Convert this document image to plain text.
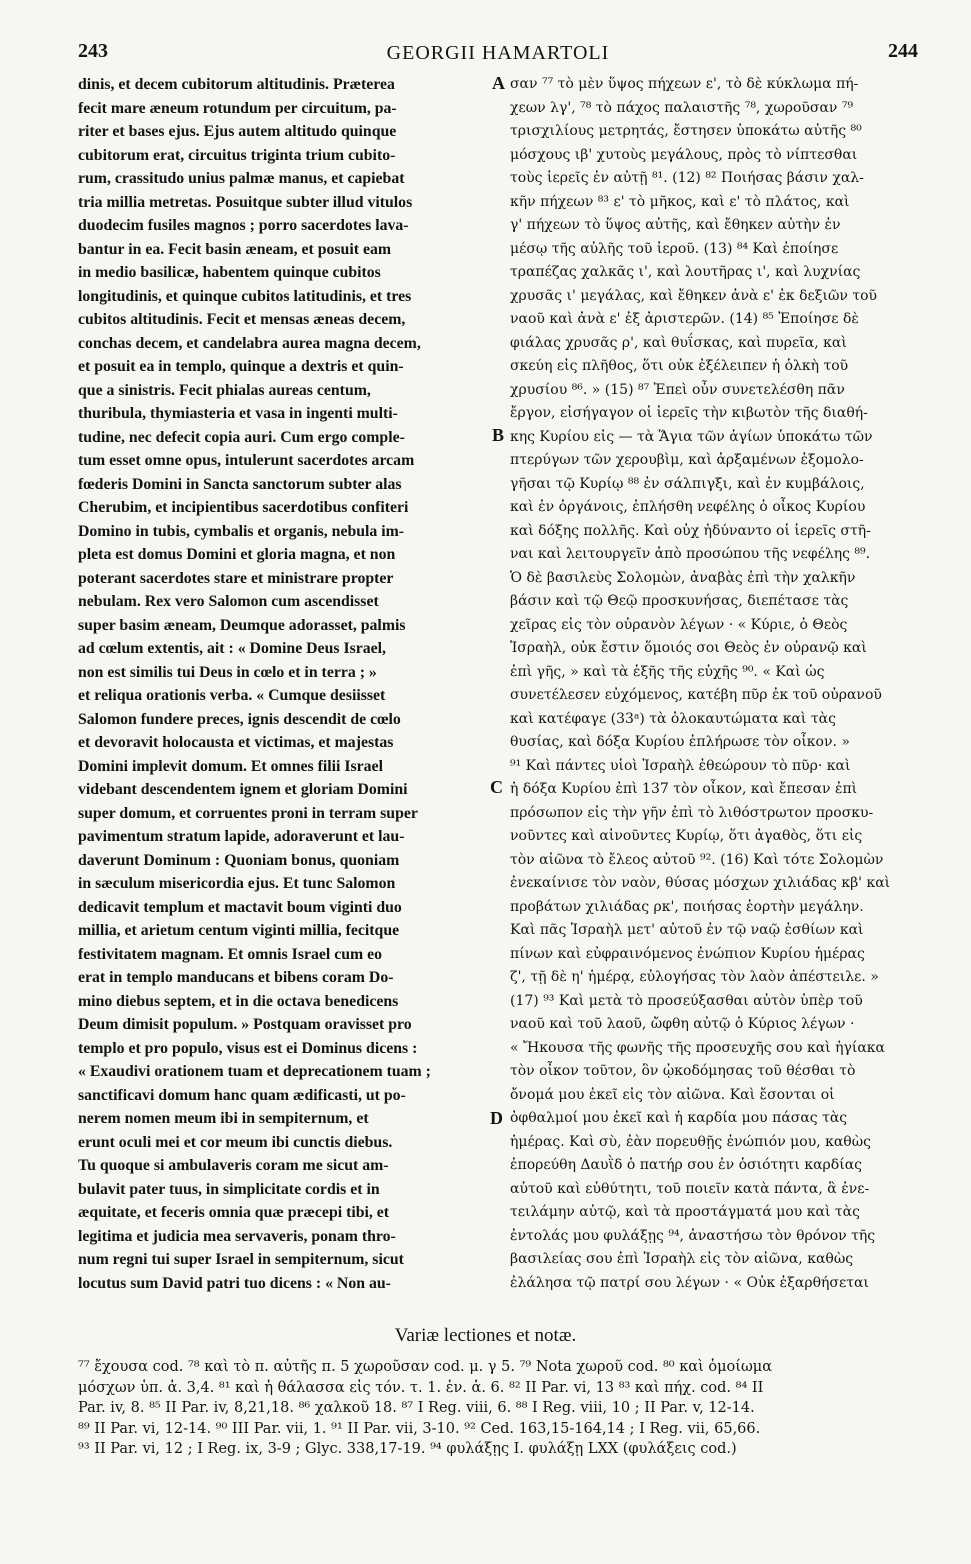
243	GEORGII HAMARTOLI	244
dinis, et decem cubitorum altitudinis. Præterea
fecit mare æneum rotundum per circuitum, pa-
riter et bases ejus. Ejus autem altitudo quinque
cubitorum erat, circuitus triginta trium cubito-
rum, crassitudo unius palmæ manus, et capiebat
tria millia metretas. Posuitque subter illud vitulos
duodecim fusiles magnos ; porro sacerdotes lava-
bantur in ea. Fecit basin æneam, et posuit eam
in medio basilicæ, habentem quinque cubitos
longitudinis, et quinque cubitos latitudinis, et tres
cubitos altitudinis. Fecit et mensas æneas decem,
conchas decem, et candelabra aurea magna decem,
et posuit ea in templo, quinque a dextris et quin-
que a sinistris. Fecit phialas aureas centum,
thuribula, thymiasteria et vasa in ingenti multi-
tudine, nec defecit copia auri. Cum ergo comple-
tum esset omne opus, intulerunt sacerdotes arcam
fœderis Domini in Sancta sanctorum subter alas
Cherubim, et incipientibus sacerdotibus confiteri
Domino in tubis, cymbalis et organis, nebula im-
pleta est domus Domini et gloria magna, et non
poterant sacerdotes stare et ministrare propter
nebulam. Rex vero Salomon cum ascendisset
super basim æneam, Deumque adorasset, palmis
ad cœlum extentis, ait : « Domine Deus Israel,
non est similis tui Deus in cœlo et in terra ; »
et reliqua orationis verba. « Cumque desiisset
Salomon fundere preces, ignis descendit de cœlo
et devoravit holocausta et victimas, et majestas
Domini implevit domum. Et omnes filii Israel
videbant descendentem ignem et gloriam Domini
super domum, et corruentes proni in terram super
pavimentum stratum lapide, adoraverunt et lau-
daverunt Dominum : Quoniam bonus, quoniam
in sæculum misericordia ejus. Et tunc Salomon
dedicavit templum et mactavit boum viginti duo
millia, et arietum centum viginti millia, fecitque
festivitatem magnam. Et omnis Israel cum eo
erat in templo manducans et bibens coram Do-
mino diebus septem, et in die octava benedicens
Deum dimisit populum. » Postquam oravisset pro
templo et pro populo, visus est ei Dominus dicens :
« Exaudivi orationem tuam et deprecationem tuam ;
sanctificavi domum hanc quam ædificasti, ut po-
nerem nomen meum ibi in sempiternum, et
erunt oculi mei et cor meum ibi cunctis diebus.
Tu quoque si ambulaveris coram me sicut am-
bulavit pater tuus, in simplicitate cordis et in
æquitate, et feceris omnia quæ præcepi tibi, et
legitima et judicia mea servaveris, ponam thro-
num regni tui super Israel in sempiternum, sicut
locutus sum David patri tuo dicens : « Non au-
σαν ⁷⁷ τὸ μὲν ὕψος πήχεων ε', τὸ δὲ κύκλωμα πή-
χεων λγ', ⁷⁸ τὸ πάχος παλαιστῆς ⁷⁸, χωροῦσαν ⁷⁹
τρισχιλίους μετρητάς, ἔστησεν ὑποκάτω αὐτῆς ⁸⁰
μόσχους ιβ' χυτοὺς μεγάλους, πρὸς τὸ νίπτεσθαι
τοὺς ἱερεῖς ἐν αὐτῇ ⁸¹. (12) ⁸² Ποιήσας βάσιν χαλ-
κῆν πήχεων ⁸³ ε' τὸ μῆκος, καὶ ε' τὸ πλάτος, καὶ
γ' πήχεων τὸ ὕψος αὐτῆς, καὶ ἔθηκεν αὐτὴν ἐν
μέσῳ τῆς αὐλῆς τοῦ ἱεροῦ. (13) ⁸⁴ Καὶ ἐποίησε
τραπέζας χαλκᾶς ι', καὶ λουτῆρας ι', καὶ λυχνίας
χρυσᾶς ι' μεγάλας, καὶ ἔθηκεν ἀνὰ ε' ἐκ δεξιῶν τοῦ
ναοῦ καὶ ἀνὰ ε' ἐξ ἀριστερῶν. (14) ⁸⁵ Ἐποίησε δὲ
φιάλας χρυσᾶς ρ', καὶ θυΐσκας, καὶ πυρεῖα, καὶ
σκεύη εἰς πλῆθος, ὅτι οὐκ ἐξέλειπεν ἡ ὁλκὴ τοῦ
χρυσίου ⁸⁶. » (15) ⁸⁷ Ἐπεὶ οὖν συνετελέσθη πᾶν
ἔργον, εἰσήγαγον οἱ ἱερεῖς τὴν κιβωτὸν τῆς διαθή-
κης Κυρίου εἰς — τὰ Ἅγια τῶν ἁγίων ὑποκάτω τῶν
πτερύγων τῶν χερουβὶμ, καὶ ἀρξαμένων ἐξομολο-
γῆσαι τῷ Κυρίῳ ⁸⁸ ἐν σάλπιγξι, καὶ ἐν κυμβάλοις,
καὶ ἐν ὀργάνοις, ἐπλήσθη νεφέλης ὁ οἶκος Κυρίου
καὶ δόξης πολλῆς. Καὶ οὐχ ἠδύναντο οἱ ἱερεῖς στῆ-
ναι καὶ λειτουργεῖν ἀπὸ προσώπου τῆς νεφέλης ⁸⁹.
Ὁ δὲ βασιλεὺς Σολομὼν, ἀναβὰς ἐπὶ τὴν χαλκῆν
βάσιν καὶ τῷ Θεῷ προσκυνήσας, διεπέτασε τὰς
χεῖρας εἰς τὸν οὐρανὸν λέγων · « Κύριε, ὁ Θεὸς
Ἰσραὴλ, οὐκ ἔστιν ὅμοιός σοι Θεὸς ἐν οὐρανῷ καὶ
ἐπὶ γῆς, » καὶ τὰ ἑξῆς τῆς εὐχῆς ⁹⁰. « Καὶ ὡς
συνετέλεσεν εὐχόμενος, κατέβη πῦρ ἐκ τοῦ οὐρανοῦ
καὶ κατέφαγε (33ᵃ) τὰ ὁλοκαυτώματα καὶ τὰς
θυσίας, καὶ δόξα Κυρίου ἐπλήρωσε τὸν οἶκον. »
⁹¹ Καὶ πάντες υἱοὶ Ἰσραὴλ ἐθεώρουν τὸ πῦρ· καὶ
ἡ δόξα Κυρίου ἐπὶ 137 τὸν οἶκον, καὶ ἔπεσαν ἐπὶ
πρόσωπον εἰς τὴν γῆν ἐπὶ τὸ λιθόστρωτον προσκυ-
νοῦντες καὶ αἰνοῦντες Κυρίῳ, ὅτι ἀγαθὸς, ὅτι εἰς
τὸν αἰῶνα τὸ ἔλεος αὐτοῦ ⁹². (16) Καὶ τότε Σολομὼν
ἐνεκαίνισε τὸν ναὸν, θύσας μόσχων χιλιάδας κβ' καὶ
προβάτων χιλιάδας ρκ', ποιήσας ἑορτὴν μεγάλην.
Καὶ πᾶς Ἰσραὴλ μετ' αὐτοῦ ἐν τῷ ναῷ ἐσθίων καὶ
πίνων καὶ εὐφραινόμενος ἐνώπιον Κυρίου ἡμέρας
ζ', τῇ δὲ η' ἡμέρᾳ, εὐλογήσας τὸν λαὸν ἀπέστειλε. »
(17) ⁹³ Καὶ μετὰ τὸ προσεύξασθαι αὐτὸν ὑπὲρ τοῦ
ναοῦ καὶ τοῦ λαοῦ, ὤφθη αὐτῷ ὁ Κύριος λέγων ·
« Ἤκουσα τῆς φωνῆς τῆς προσευχῆς σου καὶ ἡγίακα
τὸν οἶκον τοῦτον, ὃν ᾠκοδόμησας τοῦ θέσθαι τὸ
ὄνομά μου ἐκεῖ εἰς τὸν αἰῶνα. Καὶ ἔσονται οἱ
ὀφθαλμοί μου ἐκεῖ καὶ ἡ καρδία μου πάσας τὰς
ἡμέρας. Καὶ σὺ, ἐὰν πορευθῇς ἐνώπιόν μου, καθὼς
ἐπορεύθη Δαυῒδ ὁ πατήρ σου ἐν ὁσιότητι καρδίας
αὐτοῦ καὶ εὐθύτητι, τοῦ ποιεῖν κατὰ πάντα, ἃ ἐνε-
τειλάμην αὐτῷ, καὶ τὰ προστάγματά μου καὶ τὰς
ἐντολάς μου φυλάξῃς ⁹⁴, ἀναστήσω τὸν θρόνον τῆς
βασιλείας σου ἐπὶ Ἰσραὴλ εἰς τὸν αἰῶνα, καθὼς
ἐλάλησα τῷ πατρί σου λέγων · « Οὐκ ἐξαρθήσεται
A
B
C
D
Variæ lectiones et notæ.
⁷⁷ ἔχουσα cod. ⁷⁸ καὶ τὸ π. αὐτῆς π. 5 χωροῦσαν cod. μ. γ 5. ⁷⁹ Nota χωροῦ cod. ⁸⁰ καὶ ὁμοίωμα
μόσχων ὑπ. ἀ. 3,4. ⁸¹ καὶ ἡ θάλασσα εἰς τόν. τ. 1. ἐν. ἀ. 6. ⁸² II Par. vi, 13 ⁸³ καὶ πήχ. cod. ⁸⁴ II
Par. iv, 8. ⁸⁵ II Par. iv, 8,21,18. ⁸⁶ χαλκοῦ 18. ⁸⁷ I Reg. viii, 6. ⁸⁸ I Reg. viii, 10 ; II Par. v, 12-14.
⁸⁹ II Par. vi, 12-14. ⁹⁰ III Par. vii, 1. ⁹¹ II Par. vii, 3-10. ⁹² Ced. 163,15-164,14 ; I Reg. vii, 65,66.
⁹³ II Par. vi, 12 ; I Reg. ix, 3-9 ; Glyc. 338,17-19. ⁹⁴ φυλάξῃς I. φυλάξῃ LXX (φυλάξεις cod.)
